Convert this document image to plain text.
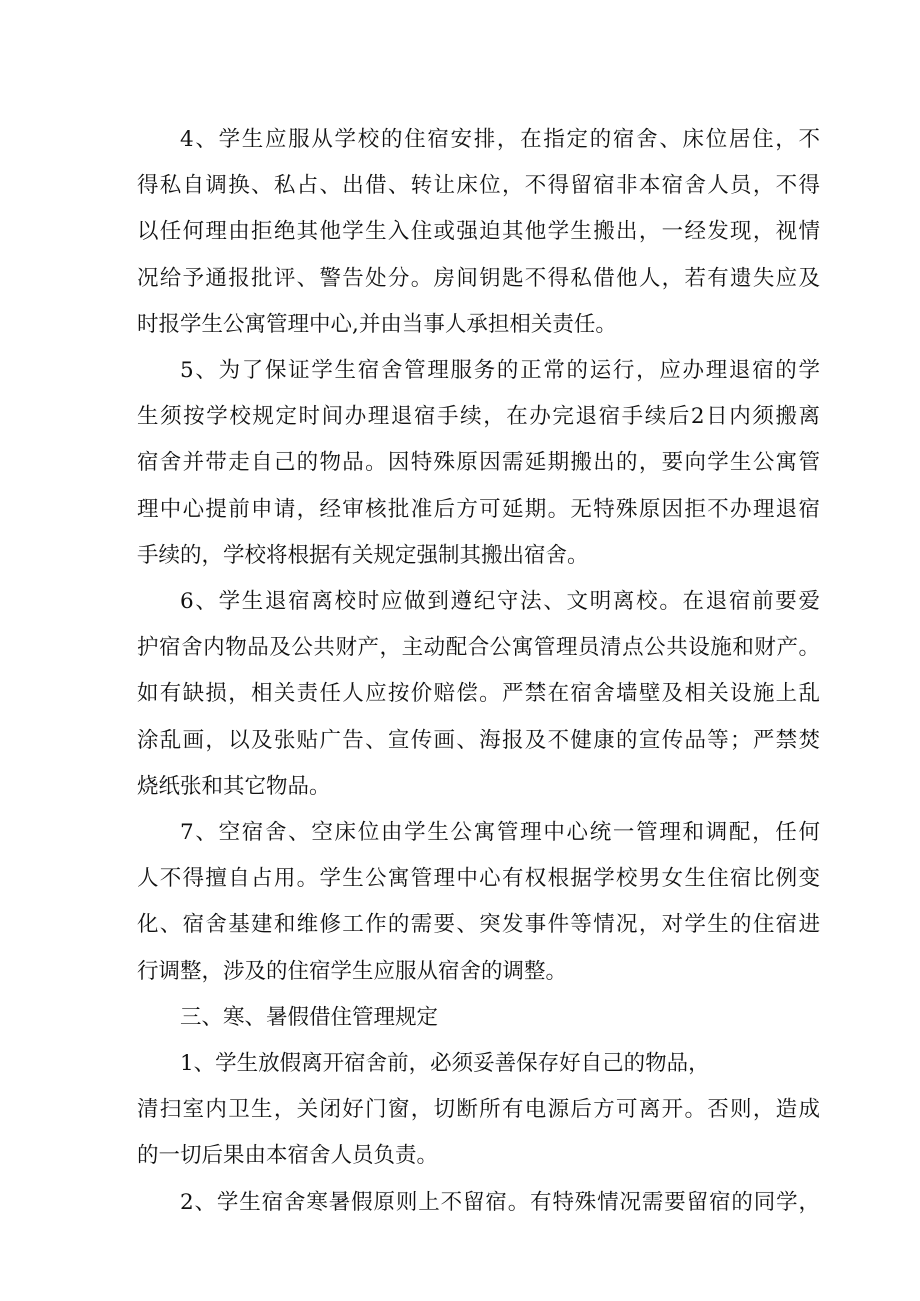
4、学生应服从学校的住宿安排，在指定的宿舍、床位居住，不
得私自调换、私占、出借、转让床位，不得留宿非本宿舍人员，不得
以任何理由拒绝其他学生入住或强迫其他学生搬出，一经发现，视情
况给予通报批评、警告处分。房间钥匙不得私借他人，若有遗失应及
时报学生公寓管理中心,并由当事人承担相关责任。
5、为了保证学生宿舍管理服务的正常的运行，应办理退宿的学
生须按学校规定时间办理退宿手续，在办完退宿手续后2日内须搬离
宿舍并带走自己的物品。因特殊原因需延期搬出的，要向学生公寓管
理中心提前申请，经审核批准后方可延期。无特殊原因拒不办理退宿
手续的，学校将根据有关规定强制其搬出宿舍。
6、学生退宿离校时应做到遵纪守法、文明离校。在退宿前要爱
护宿舍内物品及公共财产，主动配合公寓管理员清点公共设施和财产。
如有缺损，相关责任人应按价赔偿。严禁在宿舍墙壁及相关设施上乱
涂乱画，以及张贴广告、宣传画、海报及不健康的宣传品等；严禁焚
烧纸张和其它物品。
7、空宿舍、空床位由学生公寓管理中心统一管理和调配，任何
人不得擅自占用。学生公寓管理中心有权根据学校男女生住宿比例变
化、宿舍基建和维修工作的需要、突发事件等情况，对学生的住宿进
行调整，涉及的住宿学生应服从宿舍的调整。
三、寒、暑假借住管理规定
1、学生放假离开宿舍前，必须妥善保存好自己的物品，
清扫室内卫生，关闭好门窗，切断所有电源后方可离开。否则，造成
的一切后果由本宿舍人员负责。
2、学生宿舍寒暑假原则上不留宿。有特殊情况需要留宿的同学，
